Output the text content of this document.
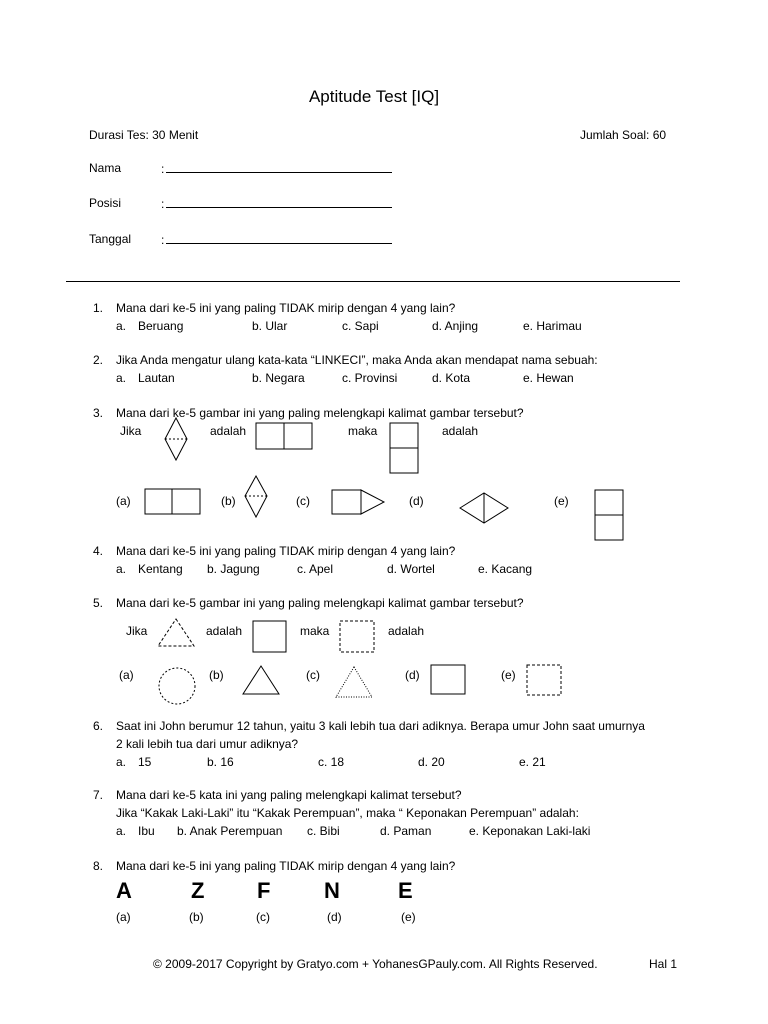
Aptitude Test [IQ]
Durasi Tes: 30 Menit	Jumlah Soal: 60
Nama	:
Posisi	:
Tanggal :
1. Mana dari ke-5 ini yang paling TIDAK mirip dengan 4 yang lain?
a. Beruang	b. Ular	c. Sapi	d. Anjing	e. Harimau
2. Jika Anda mengatur ulang kata-kata “LINKECI”, maka Anda akan mendapat nama sebuah:
a. Lautan	b. Negara	c. Provinsi	d. Kota	e. Hewan
3. Mana dari ke-5 gambar ini yang paling melengkapi kalimat gambar tersebut?
Jika	adalah	maka	adalah
(a)	(b)	(c)	(d)	(e)
4. Mana dari ke-5 ini yang paling TIDAK mirip dengan 4 yang lain?
a. Kentang b. Jagung	c. Apel	d. Wortel	e. Kacang
5. Mana dari ke-5 gambar ini yang paling melengkapi kalimat gambar tersebut?
Jika	adalah	maka	adalah
(a)	(b)	(c)	(d)	(e)
6. Saat ini John berumur 12 tahun, yaitu 3 kali lebih tua dari adiknya. Berapa umur John saat umurnya
2 kali lebih tua dari umur adiknya?
a. 15	b. 16	c. 18	d. 20	e. 21
7. Mana dari ke-5 kata ini yang paling melengkapi kalimat tersebut?
Jika “Kakak Laki-Laki” itu “Kakak Perempuan”, maka “ Keponakan Perempuan” adalah:
a. Ibu b. Anak Perempuan c. Bibi	d. Paman	e. Keponakan Laki-laki
8. Mana dari ke-5 ini yang paling TIDAK mirip dengan 4 yang lain?
A	Z F N	E
(a)	(b)	(c)	(d)	(e)
© 2009-2017 Copyright by Gratyo.com + YohanesGPauly.com. All Rights Reserved.	Hal 1
